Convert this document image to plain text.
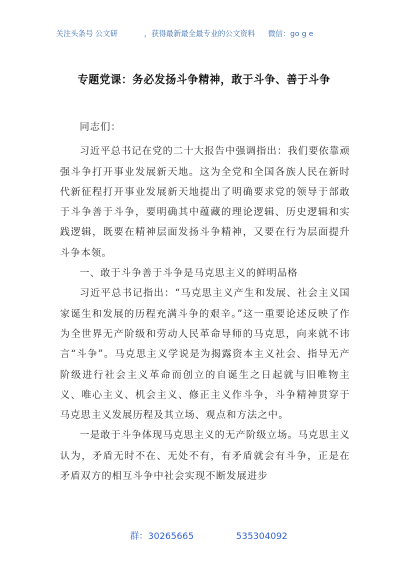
关注头条号 公文研	，获得最新最全最专业的公文资料 微信：go g e
专题党课：务必发扬斗争精神，敢于斗争、善于斗争

同志们：

习近平总书记在党的二十大报告中强调指出：我们要依靠顽强斗争打开事业发展新天地。这为全党和全国各族人民在新时代新征程打开事业发展新天地提出了明确要求党的领导于部敢于斗争善于斗争，要明确其中蕴藏的理论逻辑、历史逻辑和实践逻辑，既要在精神层面发扬斗争精神，又要在行为层面提升斗争本领。

一、敢于斗争善于斗争是马克思主义的鲜明品格

习近平总书记指出：“马克思主义产生和发展、社会主义国家诞生和发展的历程充满斗争的艰辛。”这一重要论述反映了作为全世界无产阶级和劳动人民革命导师的马克思，向来就不讳言“斗争”。马克思主义学说是为揭露资本主义社会、指导无产阶级进行社会主义革命而创立的自诞生之日起就与旧唯物主义、唯心主义、机会主义、修正主义作斗争，斗争精神贯穿于马克思主义发展历程及其立场、观点和方法之中。

一是敢于斗争体现马克思主义的无产阶级立场。马克思主义认为，矛盾无时不在、无处不有，有矛盾就会有斗争，正是在矛盾双方的相互斗争中社会实现不断发展进步

群：30265665	535304092
